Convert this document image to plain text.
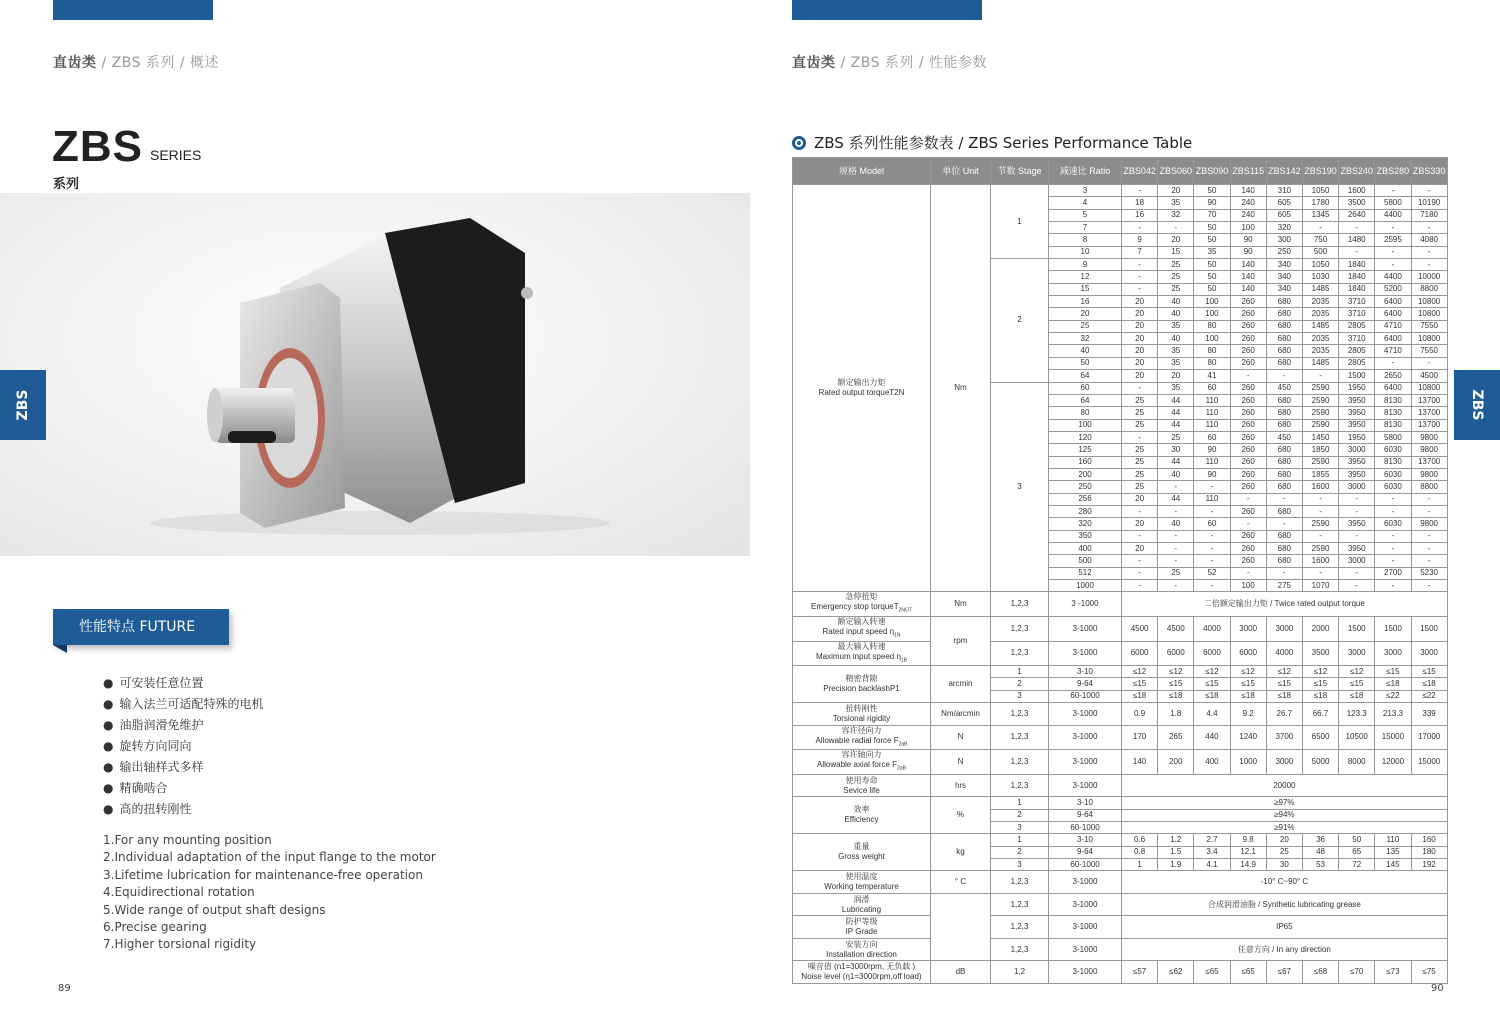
直齿类 / ZBS 系列 / 概述	直齿类 / ZBS 系列 / 性能参数
ZBS SERIES
系列
ZBS	ZBS
性能特点 FUTURE
● 可安装任意位置
● 输入法兰可适配特殊的电机
● 油脂润滑免维护
● 旋转方向同向
● 输出轴样式多样
● 精确啮合
● 高的扭转刚性
1.For any mounting position
2.Individual adaptation of the input flange to the motor
3.Lifetime lubrication for maintenance-free operation
4.Equidirectional rotation
5.Wide range of output shaft designs
6.Precise gearing
7.Higher torsional rigidity
89	90
ZBS 系列性能参数表 / ZBS Series Performance Table
规格 Model	单位 Unit	节数 Stage	减速比 Ratio	ZBS042	ZBS060	ZBS090	ZBS115	ZBS142	ZBS190	ZBS240	ZBS280	ZBS330

额定输出力矩
Rated output torqueT2N	Nm	1	3	-	20	50	140	310	1050	1600	-	-
			4	18	35	90	240	605	1780	3500	5800	10190
			5	16	32	70	240	605	1345	2640	4400	7180
			7	-	-	50	100	320	-	-	-	-
			8	9	20	50	90	300	750	1480	2595	4080
			10	7	15	35	90	250	500	-	-	-
		2	9	-	25	50	140	340	1050	1840	-	-
			12	-	25	50	140	340	1030	1840	4400	10000
			15	-	25	50	140	340	1485	1840	5200	8800
			16	20	40	100	260	680	2035	3710	6400	10800
			20	20	40	100	260	680	2035	3710	6400	10800
			25	20	35	80	260	680	1485	2805	4710	7550
			32	20	40	100	260	680	2035	3710	6400	10800
			40	20	35	80	260	680	2035	2805	4710	7550
			50	20	35	80	260	680	1485	2805	-	-
			64	20	20	41	-	-	-	1500	2650	4500
		3	60	-	35	60	260	450	2590	1950	6400	10800
			64	25	44	110	260	680	2590	3950	8130	13700
			80	25	44	110	260	680	2590	3950	8130	13700
			100	25	44	110	260	680	2590	3950	8130	13700
			120	-	25	60	260	450	1450	1950	5800	9800
			125	25	30	90	260	680	1850	3000	6030	9800
			160	25	44	110	260	680	2590	3950	8130	13700
			200	25	40	90	260	680	1855	3950	6030	9800
			250	25	-	-	260	680	1600	3000	6030	8800
			256	20	44	110	-	-	-	-	-	-
			280	-	-	-	260	680	-	-	-	-
			320	20	40	60	-	-	2590	3950	6030	9800
			350	-	-	-	260	680	-	-	-	-
			400	20	-	-	260	680	2590	3950	-	-
			500	-	-	-	260	680	1600	3000	-	-
			512	-	25	52	-	-	-	-	2700	5230
			1000	-	-	-	100	275	1070	-	-	-

急停扭矩
Emergency stop torqueT$_{2NOT}$	Nm	1,2,3	3 -1000	二倍额定输出力矩 / Twice rated output torque								

额定输入转速
Rated input speed $\eta_{1N}$	rpm	1,2,3	3-1000	4500	4500	4000	3000	3000	2000	1500	1500	1500

最大输入转速
Maximum input speed $\eta_{1B}$		1,2,3	3-1000	6000	6000	6000	6000	4000	3500	3000	3000	3000

精密背隙
Precision backlashP1	arcmin	1	3-10	≤12	≤12	≤12	≤12	≤12	≤12	≤12	≤15	≤15
		2	9-64	≤15	≤15	≤15	≤15	≤15	≤15	≤15	≤18	≤18
		3	60-1000	≤18	≤18	≤18	≤18	≤18	≤18	≤18	≤22	≤22

扭转刚性
Torsional rigidity	Nm/arcmin	1,2,3	3-1000	0.9	1.8	4.4	9.2	26.7	66.7	123.3	213.3	339

容许径向力
Allowable radial force $F_{2aB}$	N	1,2,3	3-1000	170	265	440	1240	3700	6500	10500	15000	17000

容许轴向力
Allowable axial force $F_{2aB}$	N	1,2,3	3-1000	140	200	400	1000	3000	5000	8000	12000	15000

使用寿命
Sevice life	hrs	1,2,3	3-1000	20000								

效率
Efficiency	%	1	3-10	≥97%								
		2	9-64	≥94%								
		3	60-1000	≥91%								

重量
Gross weight	kg	1	3-10	0.6	1.2	2.7	9.8	20	36	50	110	160
		2	9-64	0.8	1.5	3.4	12.1	25	48	65	135	180
		3	60-1000	1	1.9	4.1	14.9	30	53	72	145	192

使用温度
Working temperature	° C	1,2,3	3-1000	-10° C~90° C								

润滑
Lubricating		1,2,3	3-1000	合成润滑油脂 / Synthetic lubricating grease								

防护等级
IP Grade		1,2,3	3-1000	IP65								

安装方向
Installation direction		1,2,3	3-1000	任意方向 / In any direction								

噪音值 (n1=3000rpm, 无负载 )
Noise level (η1=3000rpm,off load)	dB	1,2	3-1000	≤57	≤62	≤65	≤65	≤67	≤68	≤70	≤73	≤75
